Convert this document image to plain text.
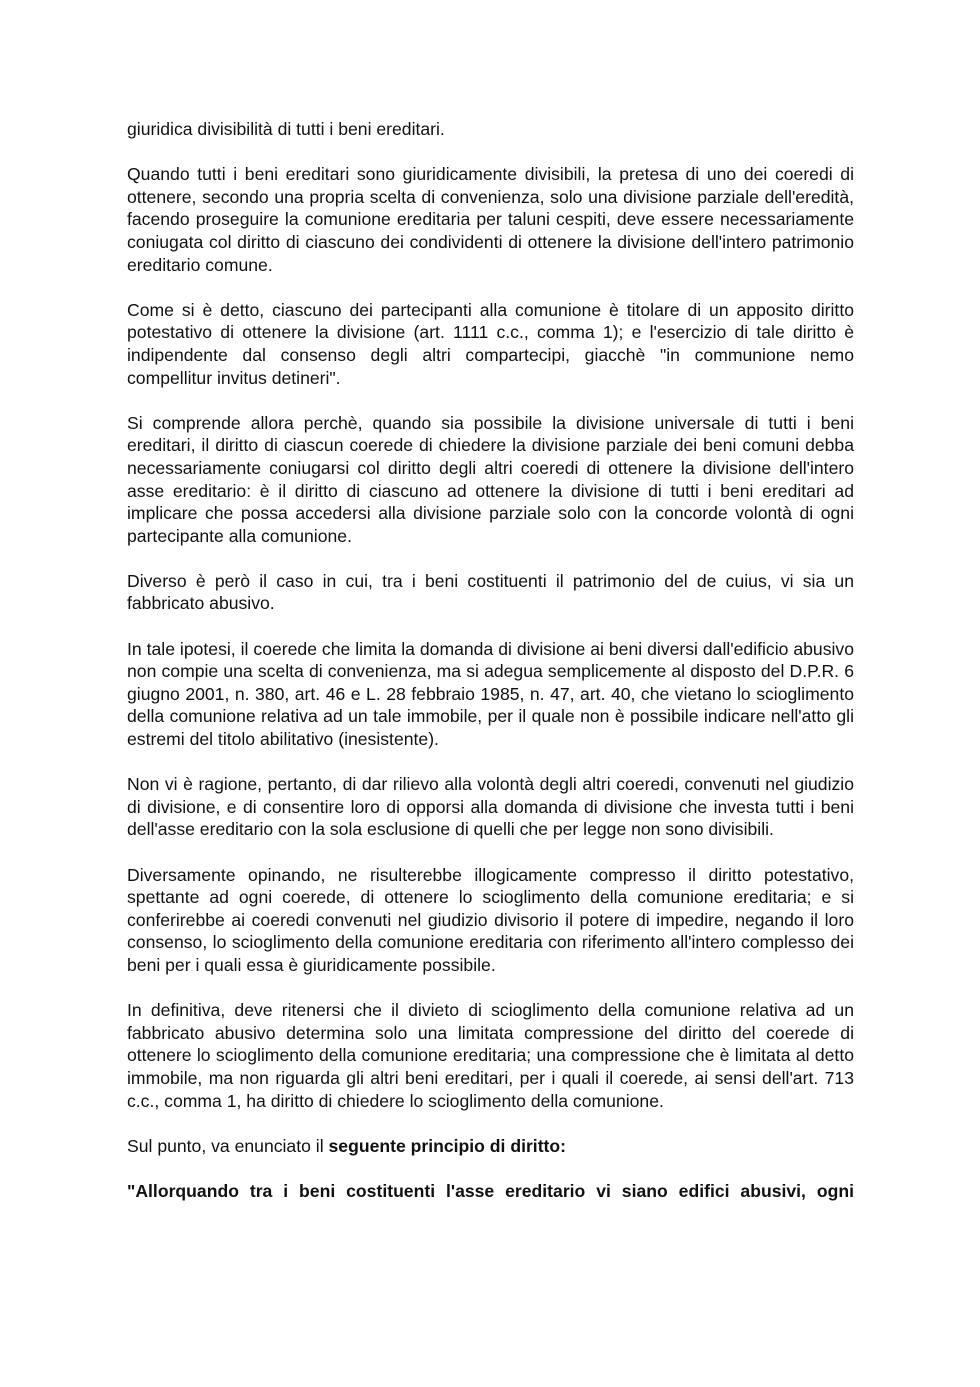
giuridica divisibilità di tutti i beni ereditari.

Quando tutti i beni ereditari sono giuridicamente divisibili, la pretesa di uno dei coeredi di ottenere, secondo una propria scelta di convenienza, solo una divisione parziale dell'eredità, facendo proseguire la comunione ereditaria per taluni cespiti, deve essere necessariamente coniugata col diritto di ciascuno dei condividenti di ottenere la divisione dell'intero patrimonio ereditario comune.

Come si è detto, ciascuno dei partecipanti alla comunione è titolare di un apposito diritto potestativo di ottenere la divisione (art. 1111 c.c., comma 1); e l'esercizio di tale diritto è indipendente dal consenso degli altri compartecipi, giacchè "in communione nemo compellitur invitus detineri".

Si comprende allora perchè, quando sia possibile la divisione universale di tutti i beni ereditari, il diritto di ciascun coerede di chiedere la divisione parziale dei beni comuni debba necessariamente coniugarsi col diritto degli altri coeredi di ottenere la divisione dell'intero asse ereditario: è il diritto di ciascuno ad ottenere la divisione di tutti i beni ereditari ad implicare che possa accedersi alla divisione parziale solo con la concorde volontà di ogni partecipante alla comunione.

Diverso è però il caso in cui, tra i beni costituenti il patrimonio del de cuius, vi sia un fabbricato abusivo.

In tale ipotesi, il coerede che limita la domanda di divisione ai beni diversi dall'edificio abusivo non compie una scelta di convenienza, ma si adegua semplicemente al disposto del D.P.R. 6 giugno 2001, n. 380, art. 46 e L. 28 febbraio 1985, n. 47, art. 40, che vietano lo scioglimento della comunione relativa ad un tale immobile, per il quale non è possibile indicare nell'atto gli estremi del titolo abilitativo (inesistente).

Non vi è ragione, pertanto, di dar rilievo alla volontà degli altri coeredi, convenuti nel giudizio di divisione, e di consentire loro di opporsi alla domanda di divisione che investa tutti i beni dell'asse ereditario con la sola esclusione di quelli che per legge non sono divisibili.

Diversamente opinando, ne risulterebbe illogicamente compresso il diritto potestativo, spettante ad ogni coerede, di ottenere lo scioglimento della comunione ereditaria; e si conferirebbe ai coeredi convenuti nel giudizio divisorio il potere di impedire, negando il loro consenso, lo scioglimento della comunione ereditaria con riferimento all'intero complesso dei beni per i quali essa è giuridicamente possibile.

In definitiva, deve ritenersi che il divieto di scioglimento della comunione relativa ad un fabbricato abusivo determina solo una limitata compressione del diritto del coerede di ottenere lo scioglimento della comunione ereditaria; una compressione che è limitata al detto immobile, ma non riguarda gli altri beni ereditari, per i quali il coerede, ai sensi dell'art. 713 c.c., comma 1, ha diritto di chiedere lo scioglimento della comunione.

Sul punto, va enunciato il seguente principio di diritto:

"Allorquando tra i beni costituenti l'asse ereditario vi siano edifici abusivi, ogni
